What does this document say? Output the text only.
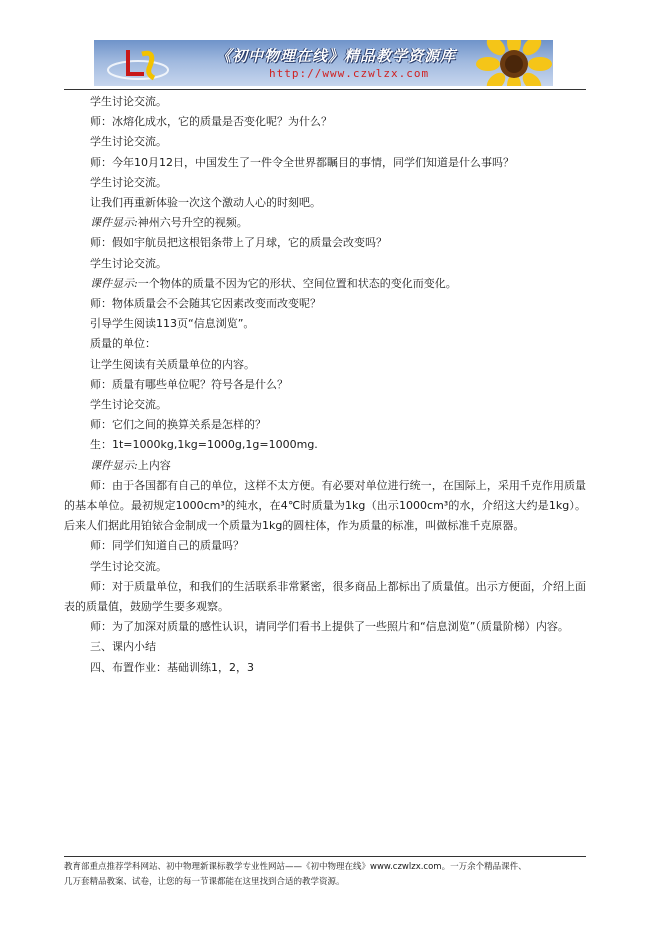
《初中物理在线》精品教学资源库
http://www.czwlzx.com

学生讨论交流。

师：冰熔化成水，它的质量是否变化呢？为什么？

学生讨论交流。

师：今年10月12日，中国发生了一件令全世界都瞩目的事情，同学们知道是什么事吗？

学生讨论交流。

让我们再重新体验一次这个激动人心的时刻吧。

课件显示:神州六号升空的视频。

师：假如宇航员把这根铝条带上了月球，它的质量会改变吗？

学生讨论交流。

课件显示:一个物体的质量不因为它的形状、空间位置和状态的变化而变化。

师：物体质量会不会随其它因素改变而改变呢？

引导学生阅读113页“信息浏览”。

质量的单位：

让学生阅读有关质量单位的内容。

师：质量有哪些单位呢？符号各是什么？

学生讨论交流。

师：它们之间的换算关系是怎样的？

生：1t=1000kg,1kg=1000g,1g=1000mg.

课件显示:上内容

师：由于各国都有自己的单位，这样不太方便。有必要对单位进行统一，在国际上，采用千克作用质量的基本单位。最初规定1000cm³的纯水，在4℃时质量为1kg（出示1000cm³的水，介绍这大约是1kg）。后来人们据此用铂铱合金制成一个质量为1kg的圆柱体，作为质量的标准，叫做标准千克原器。

师：同学们知道自己的质量吗？

学生讨论交流。

师：对于质量单位，和我们的生活联系非常紧密，很多商品上都标出了质量值。出示方便面，介绍上面表的质量值，鼓励学生要多观察。

师：为了加深对质量的感性认识，请同学们看书上提供了一些照片和“信息浏览”（质量阶梯）内容。

三、课内小结

四、布置作业：基础训练1，2，3

教育部重点推荐学科网站、初中物理新课标教学专业性网站——《初中物理在线》www.czwlzx.com。一万余个精品课件、

几万套精品教案、试卷，让您的每一节课都能在这里找到合适的教学资源。
